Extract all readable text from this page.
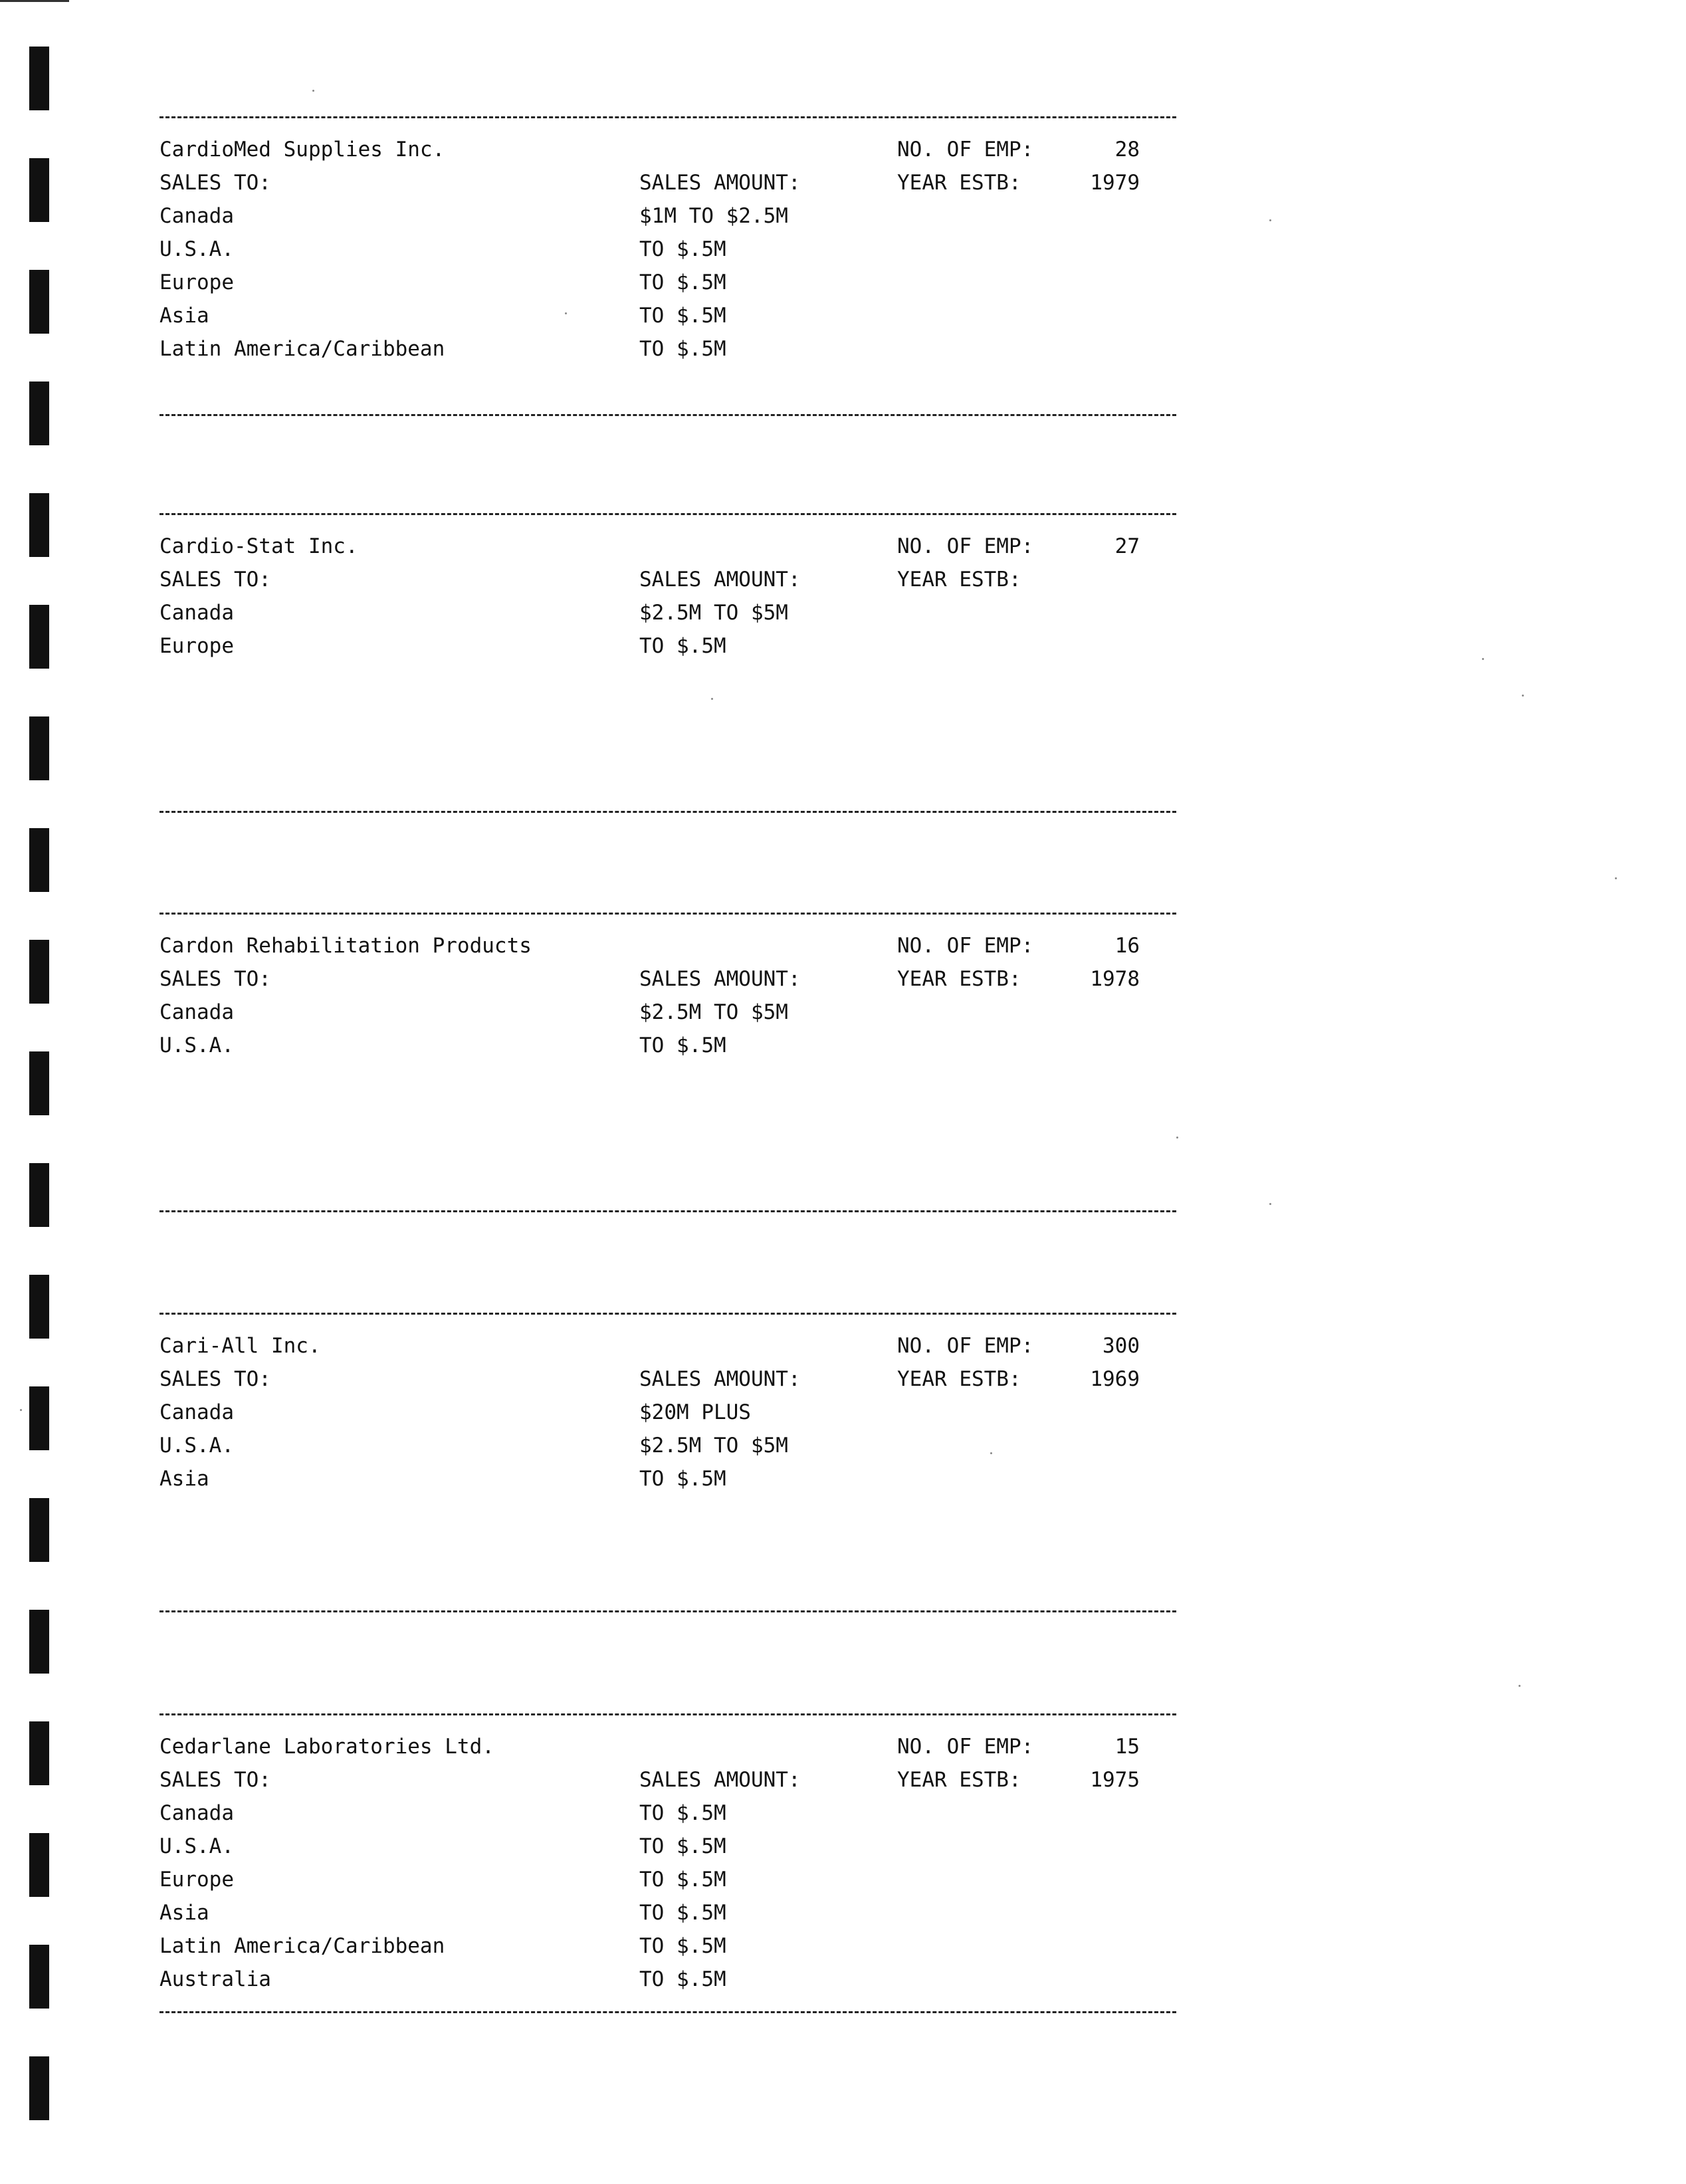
CardioMed Supplies Inc.	NO. OF EMP:	28
SALES TO:	SALES AMOUNT:	YEAR ESTB:	1979
Canada	$1M TO $2.5M
U.S.A.	TO $.5M
Europe	TO $.5M
Asia	TO $.5M
Latin America/Caribbean	TO $.5M
Cardio-Stat Inc.	NO. OF EMP:	27
SALES TO:	SALES AMOUNT:	YEAR ESTB:
Canada	$2.5M TO $5M
Europe	TO $.5M
Cardon Rehabilitation Products	NO. OF EMP:	16
SALES TO:	SALES AMOUNT:	YEAR ESTB:	1978
Canada	$2.5M TO $5M
U.S.A.	TO $.5M
Cari-All Inc.	NO. OF EMP:	300
SALES TO:	SALES AMOUNT:	YEAR ESTB:	1969
Canada	$20M PLUS
U.S.A.	$2.5M TO $5M
Asia	TO $.5M
Cedarlane Laboratories Ltd.	NO. OF EMP:	15
SALES TO:	SALES AMOUNT:	YEAR ESTB:	1975
Canada	TO $.5M
U.S.A.	TO $.5M
Europe	TO $.5M
Asia	TO $.5M
Latin America/Caribbean	TO $.5M
Australia	TO $.5M
